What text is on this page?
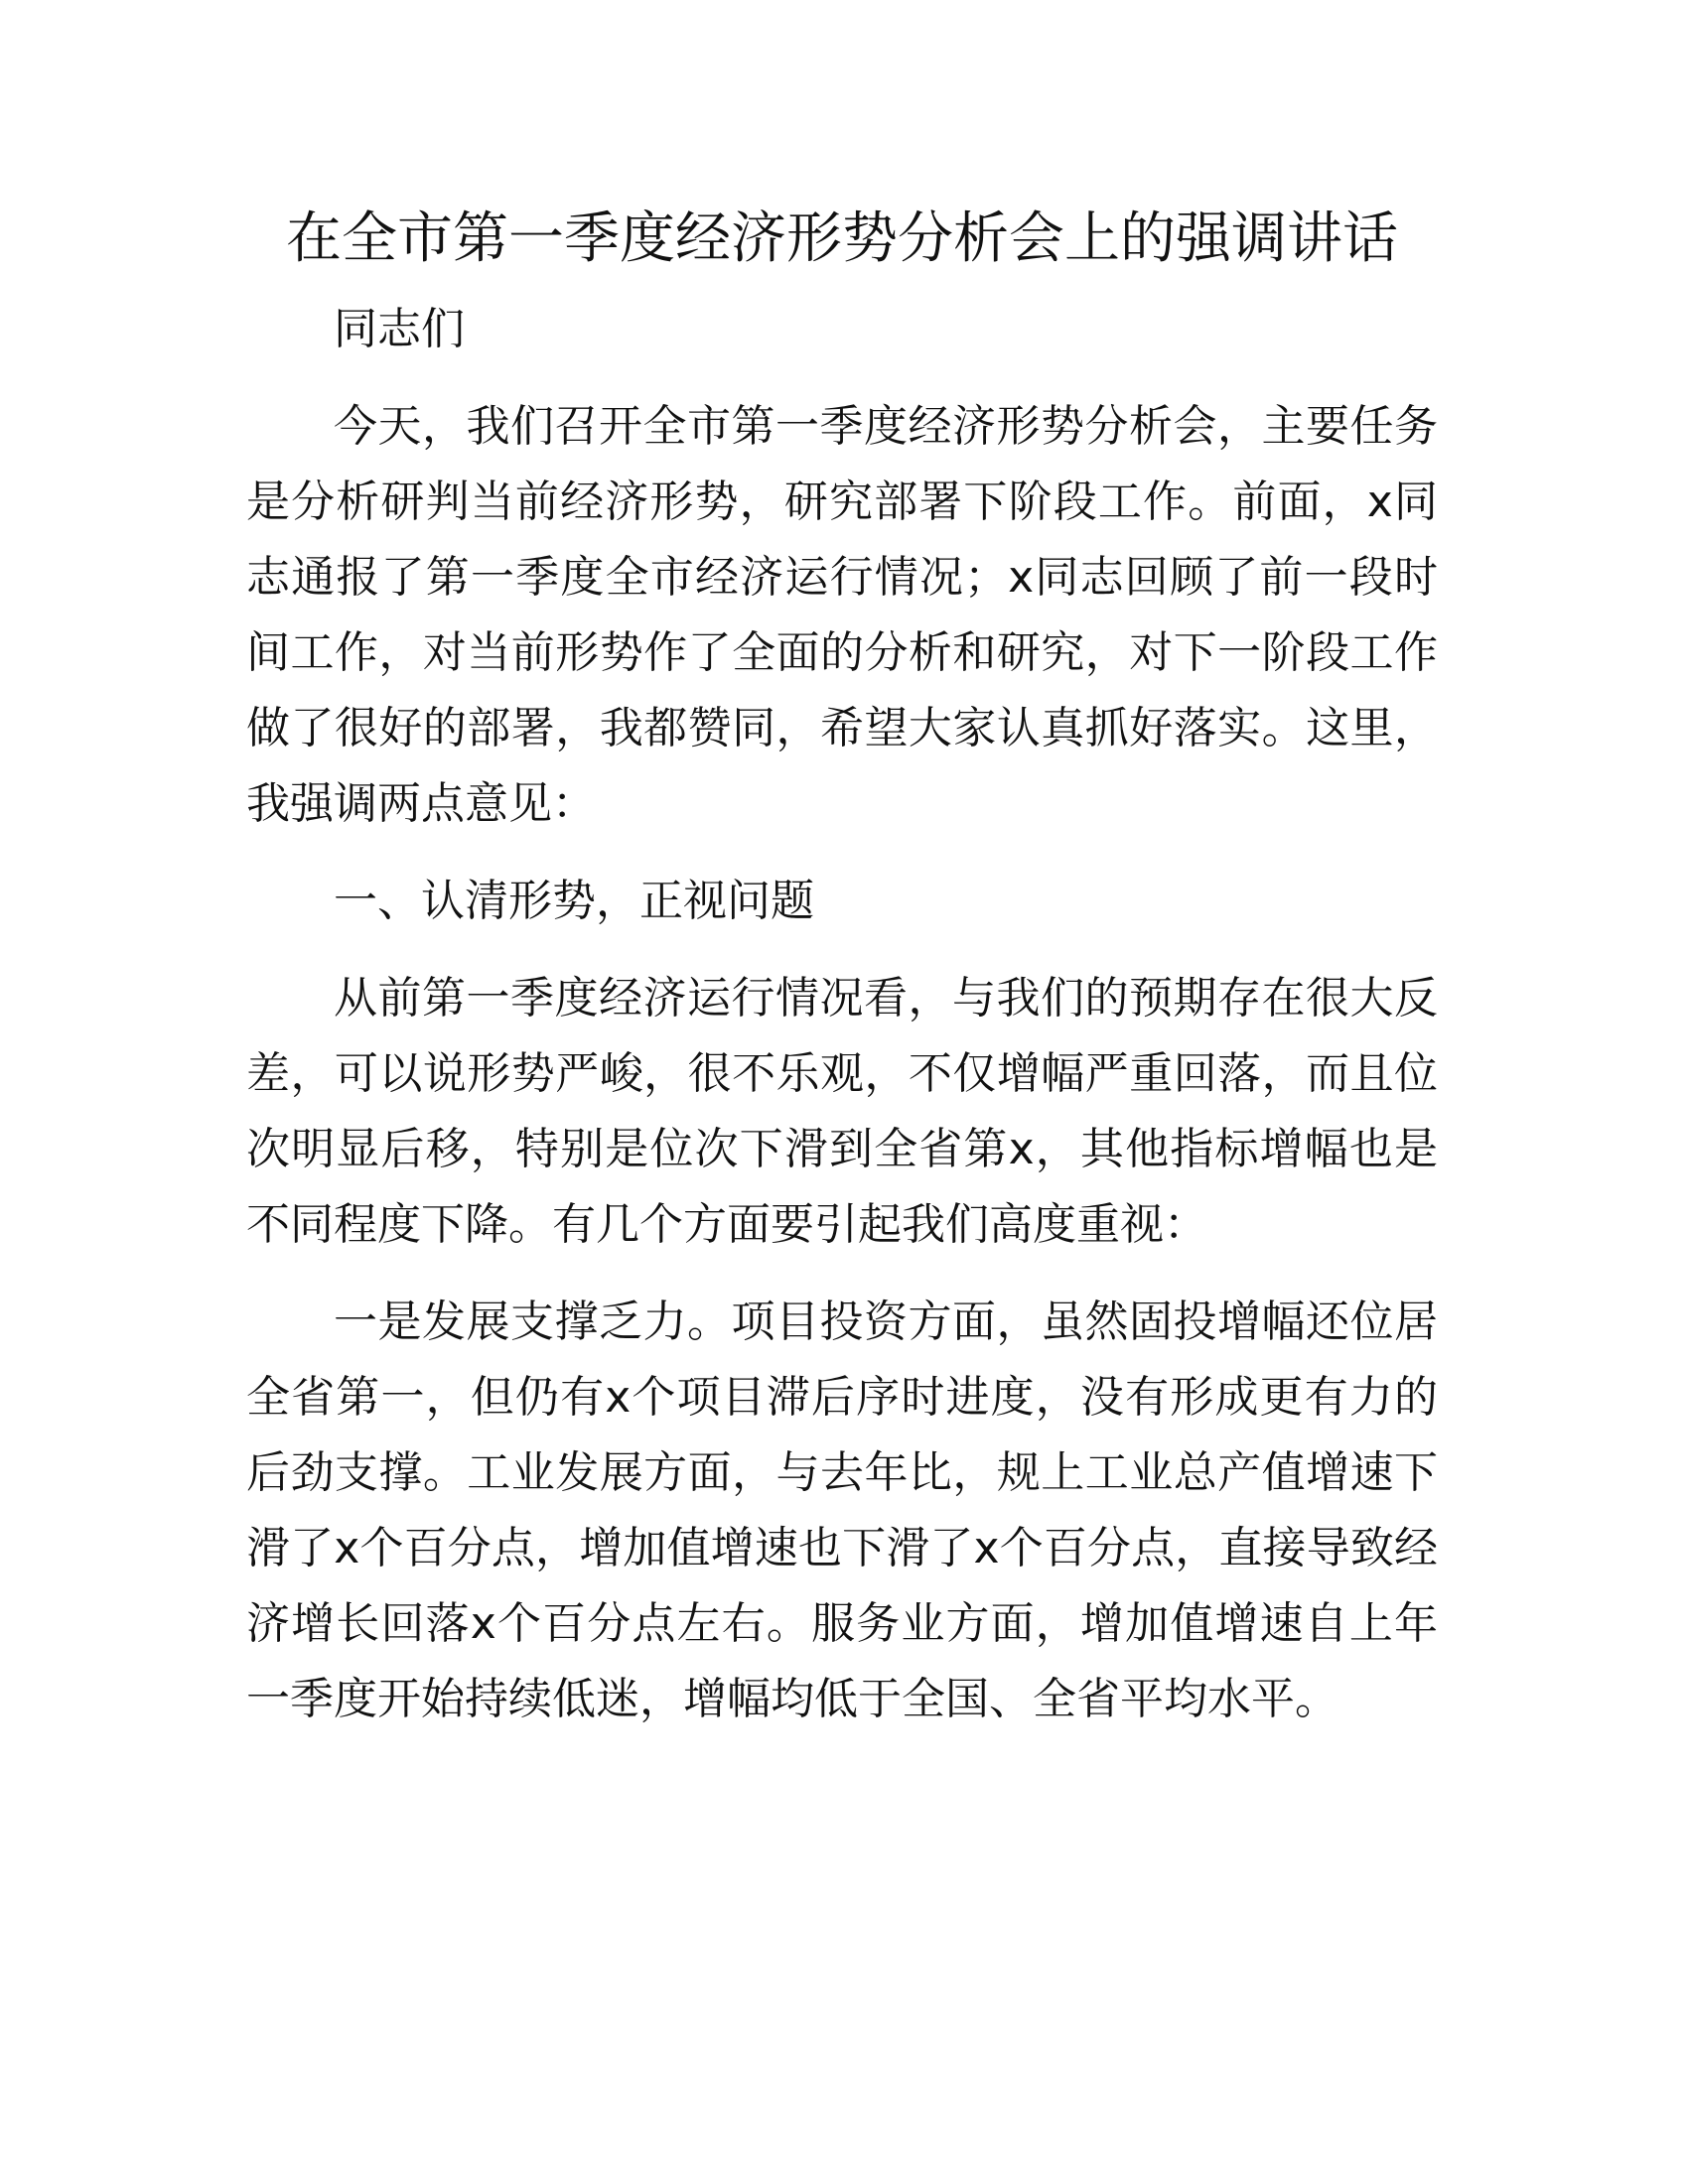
在全市第一季度经济形势分析会上的强调讲话

同志们

今天，我们召开全市第一季度经济形势分析会，主要任务是分析研判当前经济形势，研究部署下阶段工作。前面，x同志通报了第一季度全市经济运行情况；x同志回顾了前一段时间工作，对当前形势作了全面的分析和研究，对下一阶段工作做了很好的部署，我都赞同，希望大家认真抓好落实。这里，我强调两点意见：

一、认清形势，正视问题

从前第一季度经济运行情况看，与我们的预期存在很大反差，可以说形势严峻，很不乐观，不仅增幅严重回落，而且位次明显后移，特别是位次下滑到全省第x，其他指标增幅也是不同程度下降。有几个方面要引起我们高度重视：

一是发展支撑乏力。项目投资方面，虽然固投增幅还位居全省第一，但仍有x个项目滞后序时进度，没有形成更有力的后劲支撑。工业发展方面，与去年比，规上工业总产值增速下滑了x个百分点，增加值增速也下滑了x个百分点，直接导致经济增长回落x个百分点左右。服务业方面，增加值增速自上年一季度开始持续低迷，增幅均低于全国、全省平均水平。
